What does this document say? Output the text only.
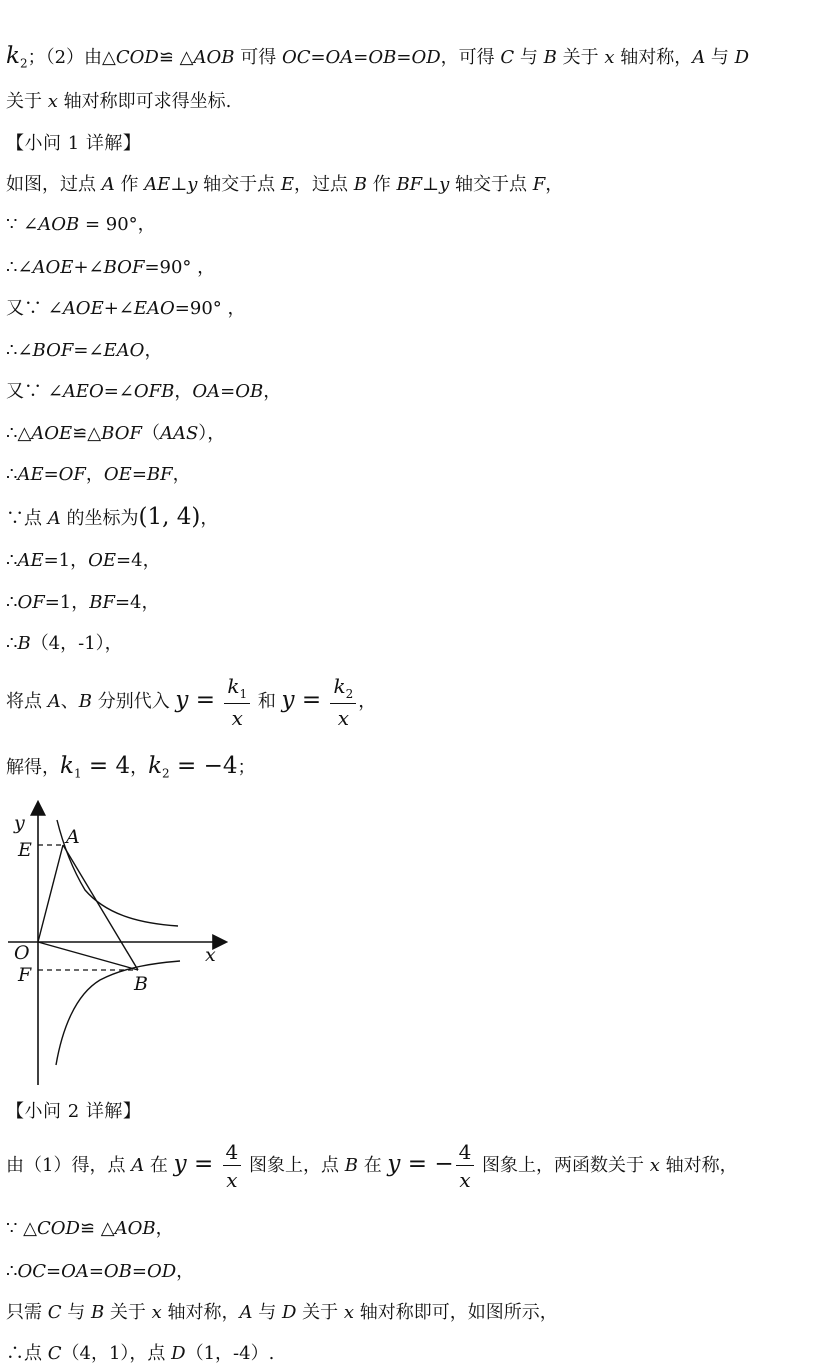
$k_2$；（2）由△COD≌ △AOB 可得 OC=OA=OB=OD，可得 C 与 B 关于 x 轴对称，A 与 D
关于 x 轴对称即可求得坐标.
【小问 1 详解】
如图，过点 A 作 AE⊥y 轴交于点 E，过点 B 作 BF⊥y 轴交于点 F，
∵ ∠AOB = 90°，
∴∠AOE+∠BOF=90° ，
又∵ ∠AOE+∠EAO=90° ，
∴∠BOF=∠EAO，
又∵ ∠AEO=∠OFB，OA=OB，
∴△AOE≌△BOF（AAS），
∴AE=OF，OE=BF，
∵点 A 的坐标为(1, 4)，
∴AE=1，OE=4，
∴OF=1，BF=4，
∴B（4，-1），
将点 A、B 分别代入 $y = \frac{k_1}{x}$ 和 $y = \frac{k_2}{x}$ ，
解得，$k_1 = 4$，$k_2 = -4$；
y
x
E
A
O
F	B
【小问 2 详解】
由（1）得，点 A 在 $y = \frac{4}{x}$ 图象上，点 B 在 y = − $\frac{4}{x}$ 图象上，两函数关于 x 轴对称，
∵ △COD≌ △AOB，
∴OC=OA=OB=OD，
只需 C 与 B 关于 x 轴对称，A 与 D 关于 x 轴对称即可，如图所示，
∴点 C（4，1），点 D（1，-4）.
